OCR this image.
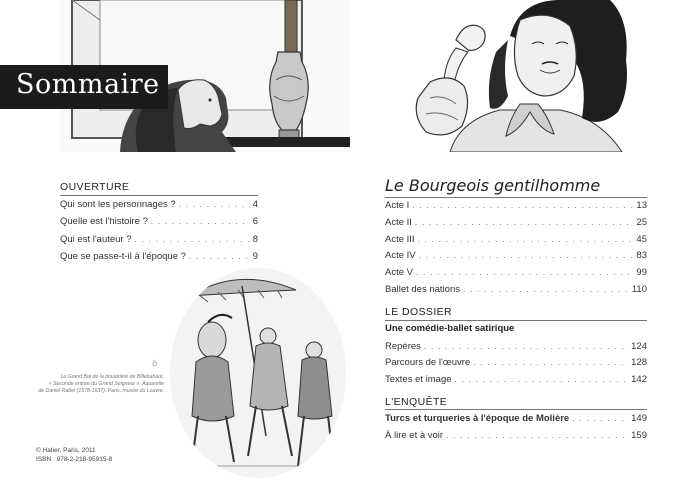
Sommaire
OUVERTURE
Qui sont les personnages ? . . .	4
Quelle est l'histoire ? . . .	6
Qui est l'auteur ? . . .	8
Que se passe-t-il à l'époque ? . . .	9
Le Grand Bal de la douairière de Billebahaut,
« Seconde entrée du Grand Seigneur ». Aquarelle
de Daniel Rabel (1578-1637). Paris, musée du Louvre.
ꝺ
© Hatier, Paris, 2011
ISBN : 978-2-218-95915-8
Le Bourgeois gentilhomme
Acte I . . .	13
Acte II . . .	25
Acte III . . .	45
Acte IV . . .	83
Acte V . . .	99
Ballet des nations . . .	110
LE DOSSIER
Une comédie-ballet satirique
Repères . . .	124
Parcours de l'œuvre . . .	128
Textes et image . . .	142
L'ENQUÊTE
Turcs et turqueries à l'époque de Molière . . .	149
À lire et à voir . . .	159
